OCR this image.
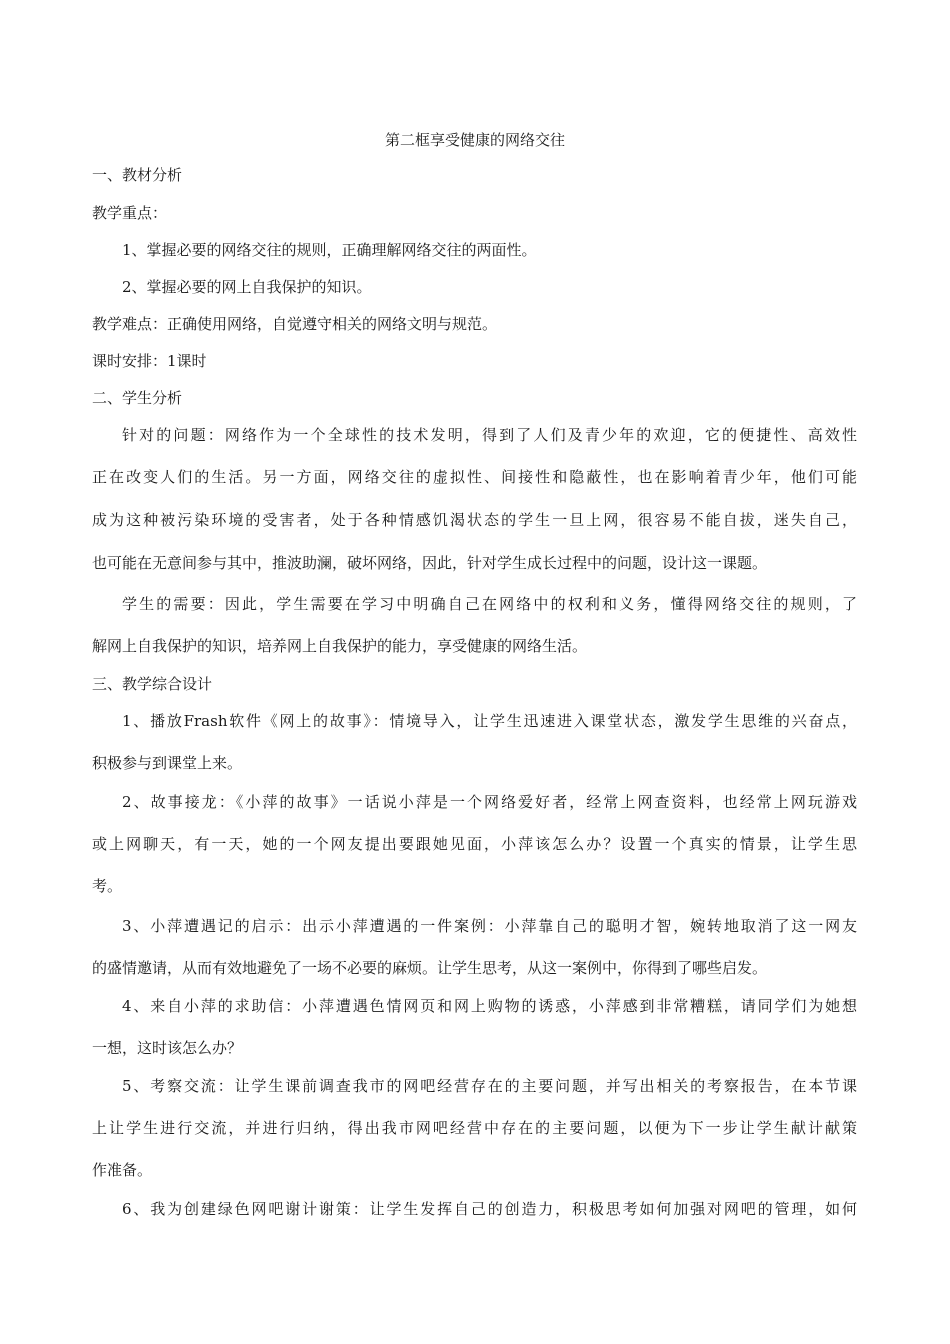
第二框享受健康的网络交往
一、教材分析
教学重点：
1、掌握必要的网络交往的规则，正确理解网络交往的两面性。
2、掌握必要的网上自我保护的知识。
教学难点：正确使用网络，自觉遵守相关的网络文明与规范。
课时安排：1课时
二、学生分析
针对的问题：网络作为一个全球性的技术发明，得到了人们及青少年的欢迎，它的便捷性、高效性
正在改变人们的生活。另一方面，网络交往的虚拟性、间接性和隐蔽性，也在影响着青少年，他们可能
成为这种被污染环境的受害者，处于各种情感饥渴状态的学生一旦上网，很容易不能自拔，迷失自己，
也可能在无意间参与其中，推波助澜，破坏网络，因此，针对学生成长过程中的问题，设计这一课题。
学生的需要：因此，学生需要在学习中明确自己在网络中的权利和义务，懂得网络交往的规则，了
解网上自我保护的知识，培养网上自我保护的能力，享受健康的网络生活。
三、教学综合设计
1、播放Frash软件《网上的故事》：情境导入，让学生迅速进入课堂状态，激发学生思维的兴奋点，
积极参与到课堂上来。
2、故事接龙：《小萍的故事》一话说小萍是一个网络爱好者，经常上网查资料，也经常上网玩游戏
或上网聊天，有一天，她的一个网友提出要跟她见面，小萍该怎么办？设置一个真实的情景，让学生思
考。
3、小萍遭遇记的启示：出示小萍遭遇的一件案例：小萍靠自己的聪明才智，婉转地取消了这一网友
的盛情邀请，从而有效地避免了一场不必要的麻烦。让学生思考，从这一案例中，你得到了哪些启发。
4、来自小萍的求助信：小萍遭遇色情网页和网上购物的诱惑，小萍感到非常糟糕，请同学们为她想
一想，这时该怎么办？
5、考察交流：让学生课前调查我市的网吧经营存在的主要问题，并写出相关的考察报告，在本节课
上让学生进行交流，并进行归纳，得出我市网吧经营中存在的主要问题，以便为下一步让学生献计献策
作准备。
6、我为创建绿色网吧谢计谢策：让学生发挥自己的创造力，积极思考如何加强对网吧的管理，如何
